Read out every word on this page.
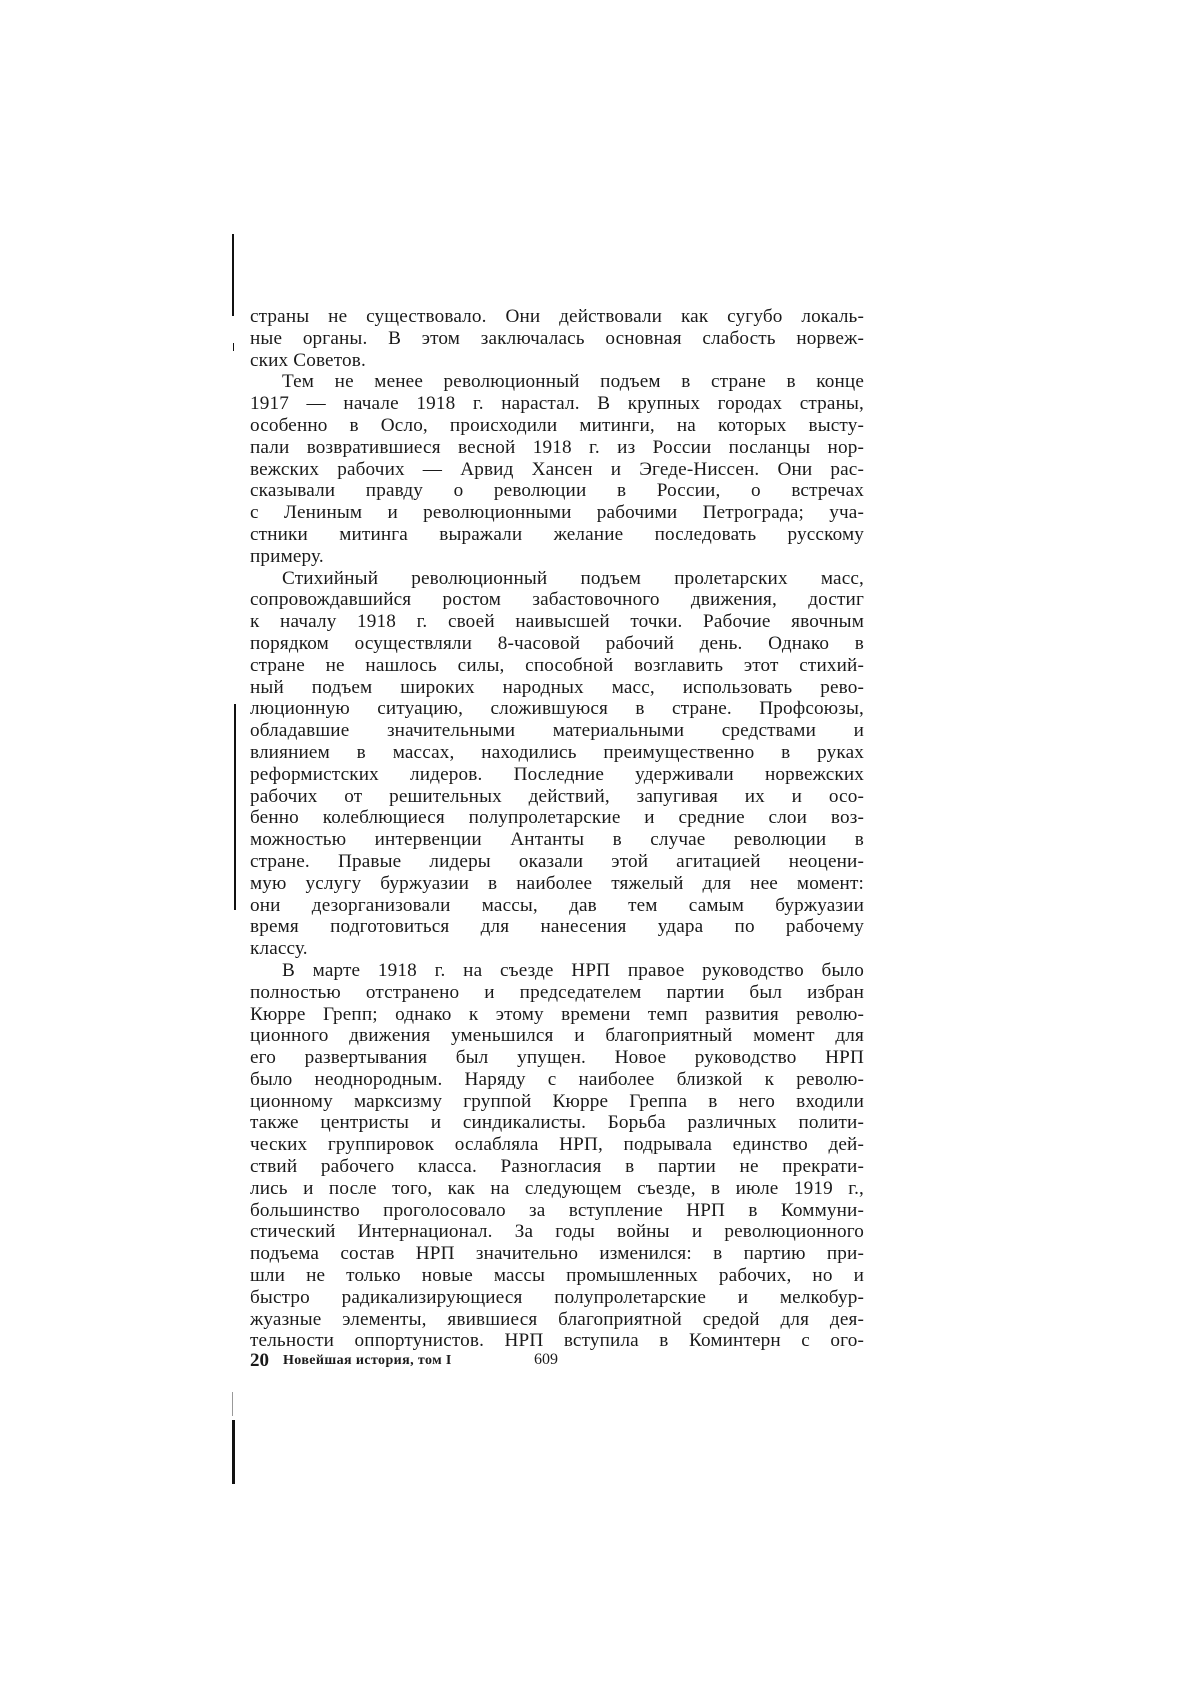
страны не существовало. Они действовали как сугубо локаль-
ные органы. В этом заключалась основная слабость норвеж-
ских Советов.
Тем не менее революционный подъем в стране в конце
1917 — начале 1918 г. нарастал. В крупных городах страны,
особенно в Осло, происходили митинги, на которых высту-
пали возвратившиеся весной 1918 г. из России посланцы нор-
вежских рабочих — Арвид Хансен и Эгеде-Ниссен. Они рас-
сказывали правду о революции в России, о встречах
с Лениным и революционными рабочими Петрограда; уча-
стники митинга выражали желание последовать русскому
примеру.
Стихийный революционный подъем пролетарских масс,
сопровождавшийся ростом забастовочного движения, достиг
к началу 1918 г. своей наивысшей точки. Рабочие явочным
порядком осуществляли 8-часовой рабочий день. Однако в
стране не нашлось силы, способной возглавить этот стихий-
ный подъем широких народных масс, использовать рево-
люционную ситуацию, сложившуюся в стране. Профсоюзы,
обладавшие значительными материальными средствами и
влиянием в массах, находились преимущественно в руках
реформистских лидеров. Последние удерживали норвежских
рабочих от решительных действий, запугивая их и осо-
бенно колеблющиеся полупролетарские и средние слои воз-
можностью интервенции Антанты в случае революции в
стране. Правые лидеры оказали этой агитацией неоцени-
мую услугу буржуазии в наиболее тяжелый для нее момент:
они дезорганизовали массы, дав тем самым буржуазии
время подготовиться для нанесения удара по рабочему
классу.
В марте 1918 г. на съезде НРП правое руководство было
полностью отстранено и председателем партии был избран
Кюрре Грепп; однако к этому времени темп развития револю-
ционного движения уменьшился и благоприятный момент для
его развертывания был упущен. Новое руководство НРП
было неоднородным. Наряду с наиболее близкой к револю-
ционному марксизму группой Кюрре Греппа в него входили
также центристы и синдикалисты. Борьба различных полити-
ческих группировок ослабляла НРП, подрывала единство дей-
ствий рабочего класса. Разногласия в партии не прекрати-
лись и после того, как на следующем съезде, в июле 1919 г.,
большинство проголосовало за вступление НРП в Коммуни-
стический Интернационал. За годы войны и революционного
подъема состав НРП значительно изменился: в партию при-
шли не только новые массы промышленных рабочих, но и
быстро радикализирующиеся полупролетарские и мелкобур-
жуазные элементы, явившиеся благоприятной средой для дея-
тельности оппортунистов. НРП вступила в Коминтерн с ого-
20 Новейшая история, том I	609
